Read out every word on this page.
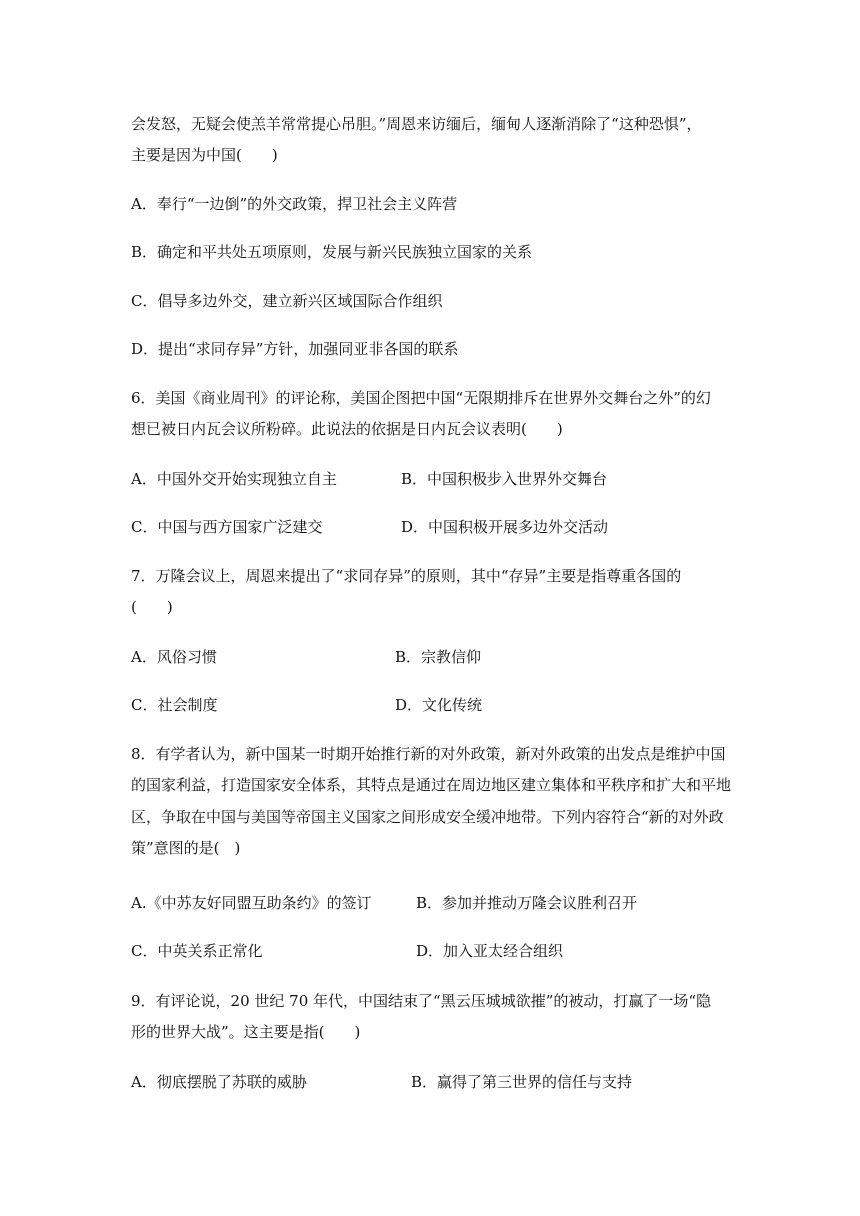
会发怒，无疑会使羔羊常常提心吊胆。”周恩来访缅后，缅甸人逐渐消除了“这种恐惧”，
主要是因为中国(　　)
A．奉行“一边倒”的外交政策，捍卫社会主义阵营
B．确定和平共处五项原则，发展与新兴民族独立国家的关系
C．倡导多边外交，建立新兴区域国际合作组织
D．提出“求同存异”方针，加强同亚非各国的联系
6．美国《商业周刊》的评论称，美国企图把中国“无限期排斥在世界外交舞台之外”的幻
想已被日内瓦会议所粉碎。此说法的依据是日内瓦会议表明(　　)
A．中国外交开始实现独立自主	B．中国积极步入世界外交舞台
C．中国与西方国家广泛建交	D．中国积极开展多边外交活动
7．万隆会议上，周恩来提出了“求同存异”的原则，其中“存异”主要是指尊重各国的
(　　)
A．风俗习惯	B．宗教信仰
C．社会制度	D．文化传统
8．有学者认为，新中国某一时期开始推行新的对外政策，新对外政策的出发点是维护中国
的国家利益，打造国家安全体系，其特点是通过在周边地区建立集体和平秩序和扩大和平地
区，争取在中国与美国等帝国主义国家之间形成安全缓冲地带。下列内容符合“新的对外政
策”意图的是(　)
A.《中苏友好同盟互助条约》的签订	B．参加并推动万隆会议胜利召开
C．中英关系正常化	D．加入亚太经合组织
9．有评论说，20 世纪 70 年代，中国结束了“黑云压城城欲摧”的被动，打赢了一场“隐
形的世界大战”。这主要是指(　　)
A．彻底摆脱了苏联的威胁	B．赢得了第三世界的信任与支持
